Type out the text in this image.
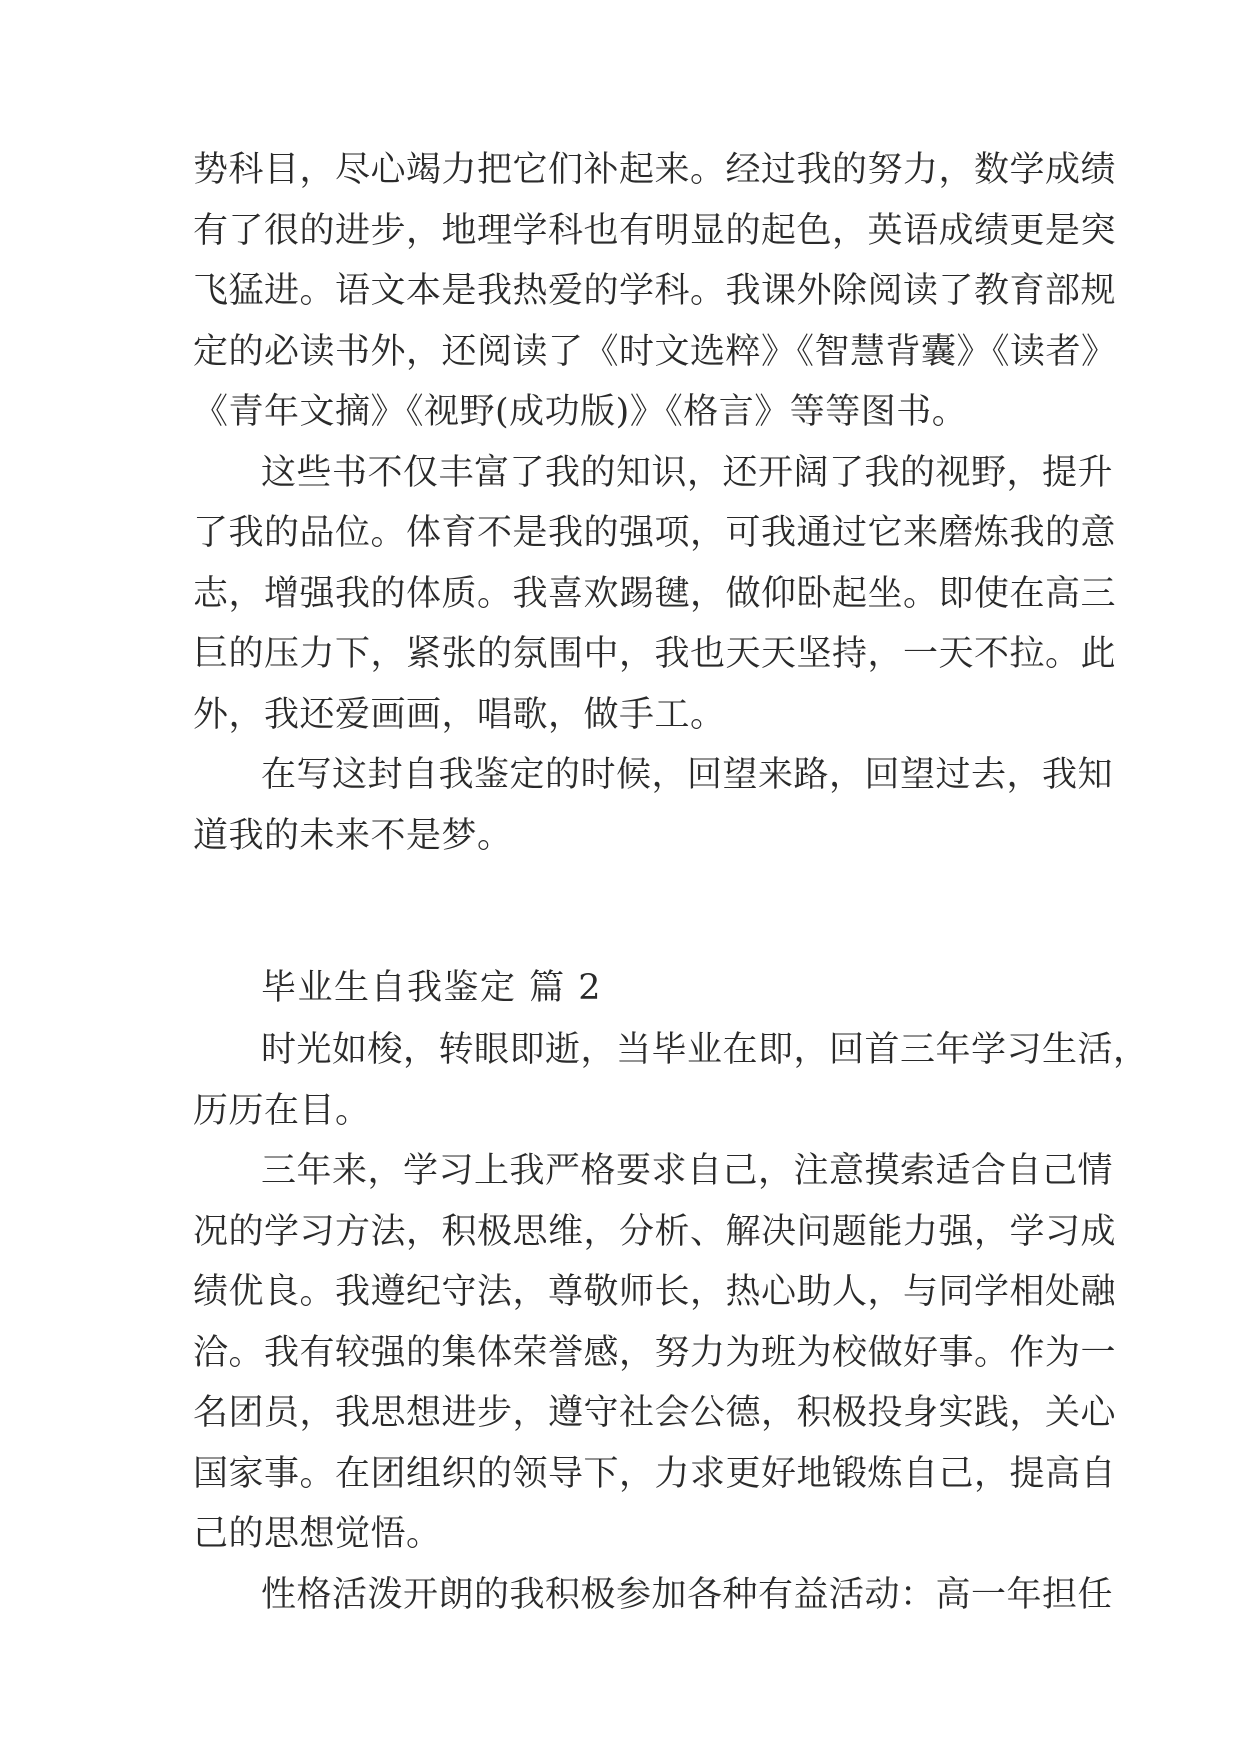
势科目，尽心竭力把它们补起来。经过我的努力，数学成绩
有了很的进步，地理学科也有明显的起色，英语成绩更是突
飞猛进。语文本是我热爱的学科。我课外除阅读了教育部规
定的必读书外，还阅读了《时文选粹》《智慧背囊》《读者》
《青年文摘》《视野(成功版)》《格言》等等图书。
这些书不仅丰富了我的知识，还开阔了我的视野，提升
了我的品位。体育不是我的强项，可我通过它来磨炼我的意
志，增强我的体质。我喜欢踢毽，做仰卧起坐。即使在高三
巨的压力下，紧张的氛围中，我也天天坚持，一天不拉。此
外，我还爱画画，唱歌，做手工。
在写这封自我鉴定的时候，回望来路，回望过去，我知
道我的未来不是梦。
毕业生自我鉴定 篇 2
时光如梭，转眼即逝，当毕业在即，回首三年学习生活，
历历在目。
三年来，学习上我严格要求自己，注意摸索适合自己情
况的学习方法，积极思维，分析、解决问题能力强，学习成
绩优良。我遵纪守法，尊敬师长，热心助人，与同学相处融
洽。我有较强的集体荣誉感，努力为班为校做好事。作为一
名团员，我思想进步，遵守社会公德，积极投身实践，关心
国家事。在团组织的领导下，力求更好地锻炼自己，提高自
己的思想觉悟。
性格活泼开朗的我积极参加各种有益活动：高一年担任
